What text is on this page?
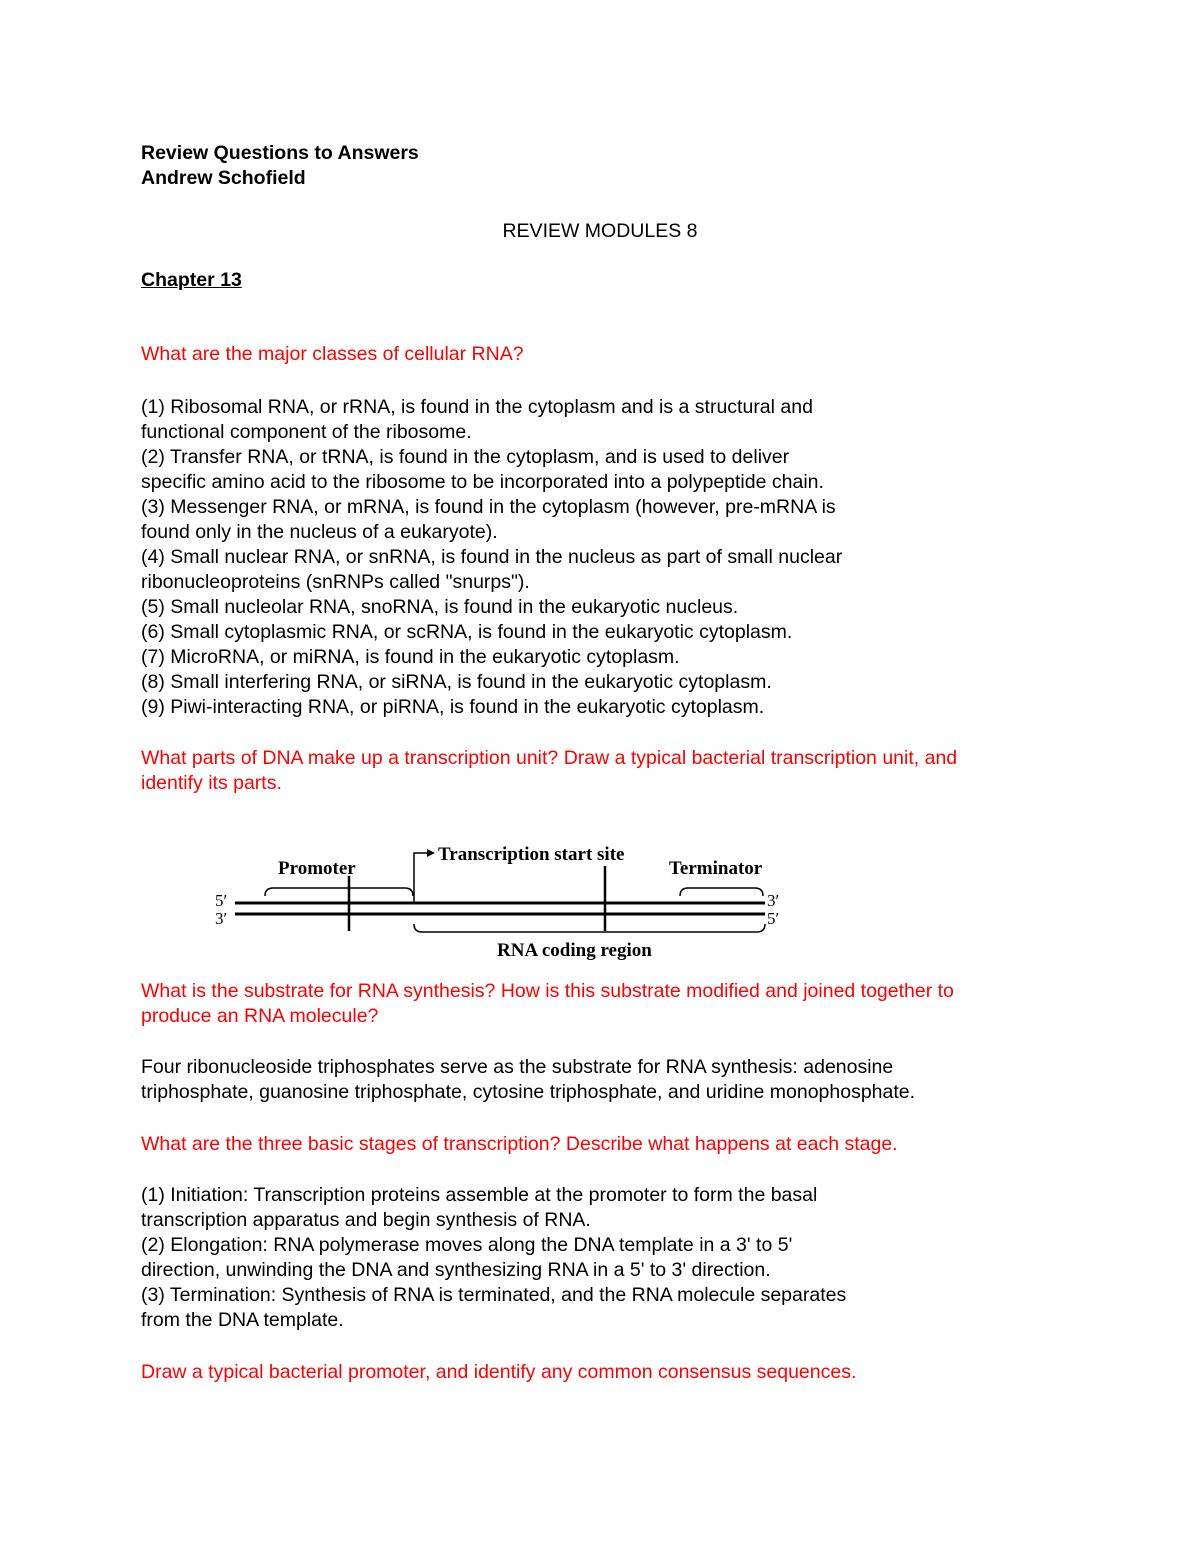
Review Questions to Answers

Andrew Schofield

REVIEW MODULES 8

Chapter 13

What are the major classes of cellular RNA?

(1) Ribosomal RNA, or rRNA, is found in the cytoplasm and is a structural and

functional component of the ribosome.

(2) Transfer RNA, or tRNA, is found in the cytoplasm, and is used to deliver

specific amino acid to the ribosome to be incorporated into a polypeptide chain.

(3) Messenger RNA, or mRNA, is found in the cytoplasm (however, pre-mRNA is

found only in the nucleus of a eukaryote).

(4) Small nuclear RNA, or snRNA, is found in the nucleus as part of small nuclear

ribonucleoproteins (snRNPs called "snurps").

(5) Small nucleolar RNA, snoRNA, is found in the eukaryotic nucleus.

(6) Small cytoplasmic RNA, or scRNA, is found in the eukaryotic cytoplasm.

(7) MicroRNA, or miRNA, is found in the eukaryotic cytoplasm.

(8) Small interfering RNA, or siRNA, is found in the eukaryotic cytoplasm.

(9) Piwi-interacting RNA, or piRNA, is found in the eukaryotic cytoplasm.

What parts of DNA make up a transcription unit? Draw a typical bacterial transcription unit, and

identify its parts.

5′
3′
3′
5′
Promoter
Transcription start site
Terminator
RNA coding region

What is the substrate for RNA synthesis? How is this substrate modified and joined together to

produce an RNA molecule?

Four ribonucleoside triphosphates serve as the substrate for RNA synthesis: adenosine

triphosphate, guanosine triphosphate, cytosine triphosphate, and uridine monophosphate.

What are the three basic stages of transcription? Describe what happens at each stage.

(1) Initiation: Transcription proteins assemble at the promoter to form the basal

transcription apparatus and begin synthesis of RNA.

(2) Elongation: RNA polymerase moves along the DNA template in a 3' to 5'

direction, unwinding the DNA and synthesizing RNA in a 5' to 3' direction.

(3) Termination: Synthesis of RNA is terminated, and the RNA molecule separates

from the DNA template.

Draw a typical bacterial promoter, and identify any common consensus sequences.
